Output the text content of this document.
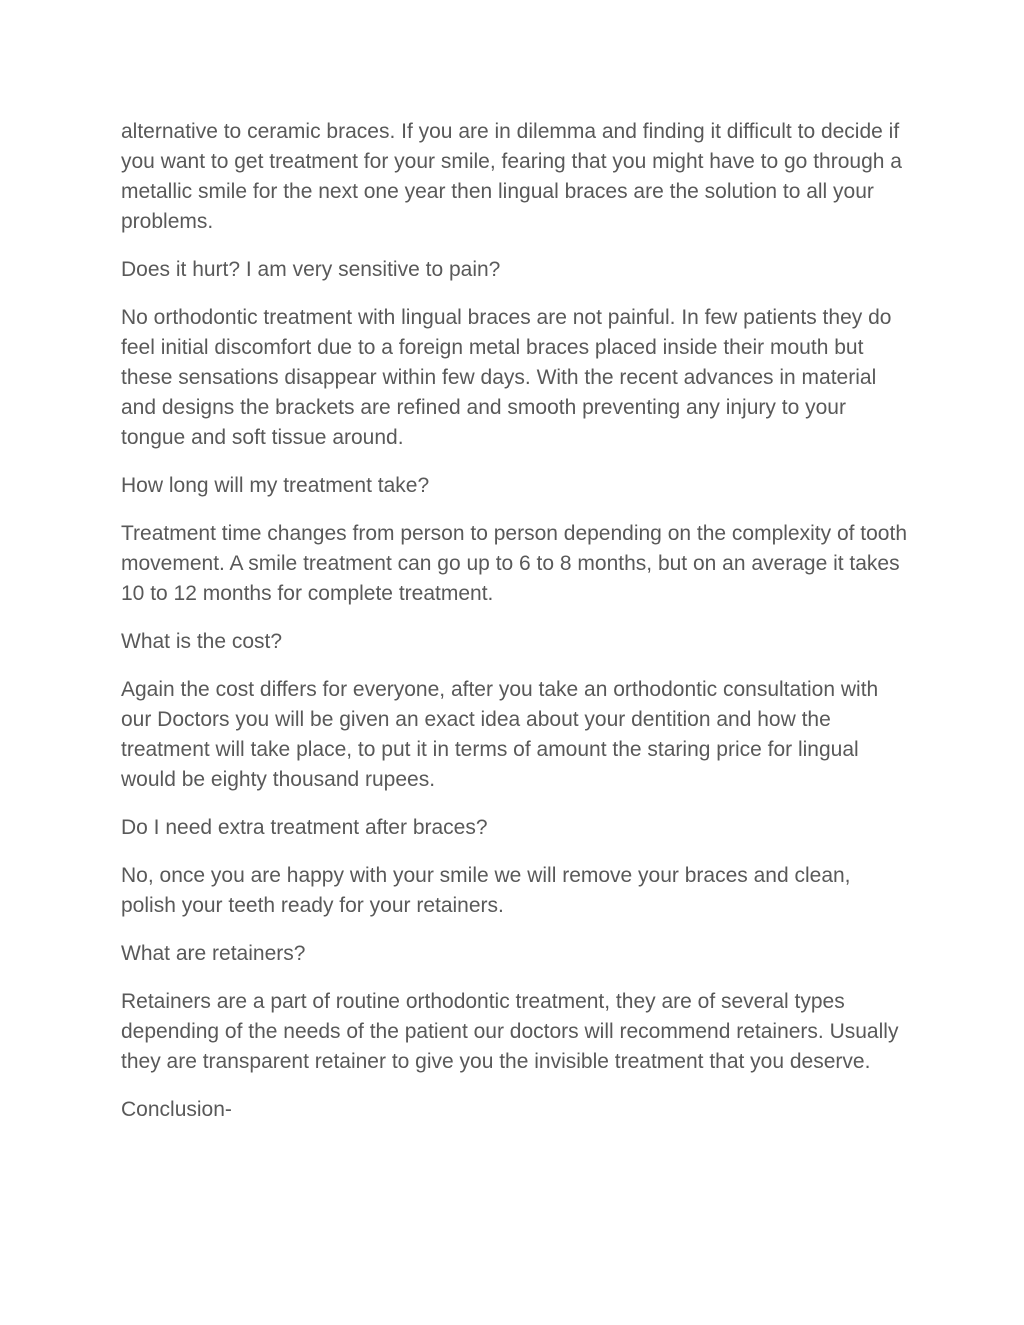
alternative to ceramic braces. If you are in dilemma and finding it difficult to decide if you want to get treatment for your smile, fearing that you might have to go through a metallic smile for the next one year then lingual braces are the solution to all your problems.

Does it hurt? I am very sensitive to pain?

No orthodontic treatment with lingual braces are not painful. In few patients they do feel initial discomfort due to a foreign metal braces placed inside their mouth but these sensations disappear within few days. With the recent advances in material and designs the brackets are refined and smooth preventing any injury to your tongue and soft tissue around.

How long will my treatment take?

Treatment time changes from person to person depending on the complexity of tooth movement. A smile treatment can go up to 6 to 8 months, but on an average it takes 10 to 12 months for complete treatment.

What is the cost?

Again the cost differs for everyone, after you take an orthodontic consultation with our Doctors you will be given an exact idea about your dentition and how the treatment will take place, to put it in terms of amount the staring price for lingual would be eighty thousand rupees.

Do I need extra treatment after braces?

No, once you are happy with your smile we will remove your braces and clean, polish your teeth ready for your retainers.

What are retainers?

Retainers are a part of routine orthodontic treatment, they are of several types depending of the needs of the patient our doctors will recommend retainers. Usually they are transparent retainer to give you the invisible treatment that you deserve.

Conclusion-
